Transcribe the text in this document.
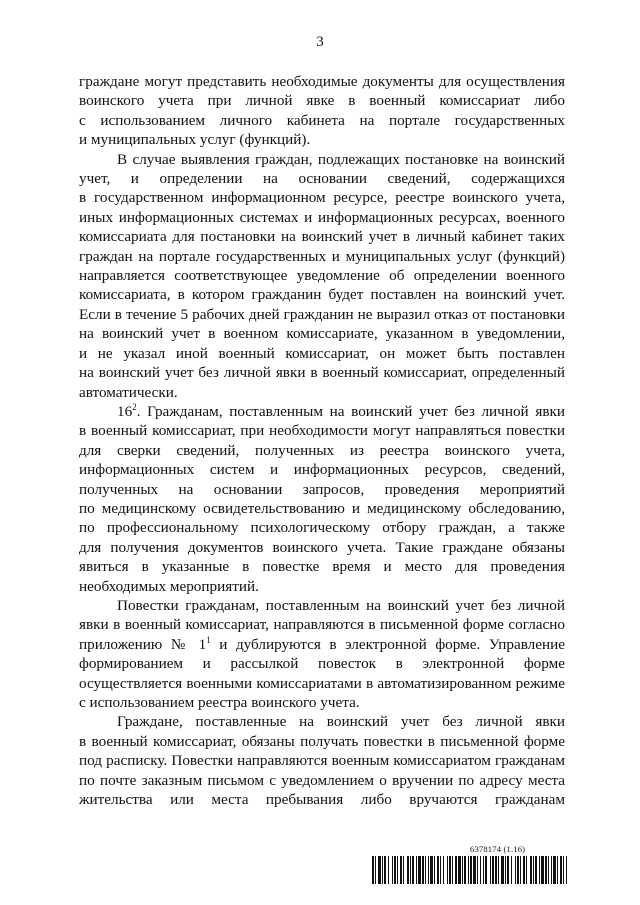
3

граждане могут представить необходимые документы для осуществления
воинского учета при личной явке в военный комиссариат либо
с использованием личного кабинета на портале государственных
и муниципальных услуг (функций).

В случае выявления граждан, подлежащих постановке на воинский
учет, и определении на основании сведений, содержащихся
в государственном информационном ресурсе, реестре воинского учета,
иных информационных системах и информационных ресурсах, военного
комиссариата для постановки на воинский учет в личный кабинет таких
граждан на портале государственных и муниципальных услуг (функций)
направляется соответствующее уведомление об определении военного
комиссариата, в котором гражданин будет поставлен на воинский учет.
Если в течение 5 рабочих дней гражданин не выразил отказ от постановки
на воинский учет в военном комиссариате, указанном в уведомлении,
и не указал иной военный комиссариат, он может быть поставлен
на воинский учет без личной явки в военный комиссариат, определенный
автоматически.

$16^2$. Гражданам, поставленным на воинский учет без личной явки
в военный комиссариат, при необходимости могут направляться повестки
для сверки сведений, полученных из реестра воинского учета,
информационных систем и информационных ресурсов, сведений,
полученных на основании запросов, проведения мероприятий
по медицинскому освидетельствованию и медицинскому обследованию,
по профессиональному психологическому отбору граждан, а также
для получения документов воинского учета. Такие граждане обязаны
явиться в указанные в повестке время и место для проведения
необходимых мероприятий.

Повестки гражданам, поставленным на воинский учет без личной
явки в военный комиссариат, направляются в письменной форме согласно
приложению № $1^1$ и дублируются в электронной форме. Управление
формированием и рассылкой повесток в электронной форме
осуществляется военными комиссариатами в автоматизированном режиме
с использованием реестра воинского учета.

Граждане, поставленные на воинский учет без личной явки
в военный комиссариат, обязаны получать повестки в письменной форме
под расписку. Повестки направляются военным комиссариатом гражданам
по почте заказным письмом с уведомлением о вручении по адресу места
жительства или места пребывания либо вручаются гражданам

6378174 (1.16)
